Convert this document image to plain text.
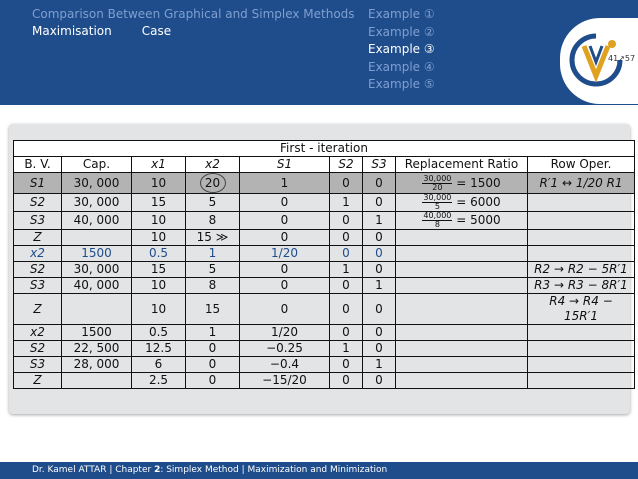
Comparison Between Graphical and Simplex Methods
Maximisation	Case
Example ①
Example ②
Example ③
Example ④
Example ⑤
41↗57
First - iteration								
B. V.	Cap.	x1	x2	S1	S2	S3	Replacement Ratio	Row Oper.
S1	30, 000	10	20	1	0	0	$\frac{30,000}{20} = 1500$	R′1 ↔ 1/20 R1
S2	30, 000	15	5	0	1	0	$\frac{30,000}{5} = 6000$	
S3	40, 000	10	8	0	0	1	$\frac{40,000}{8} = 5000$	
Z		10	15 ≫	0	0	0		
x2	1500	0.5	1	1/20	0	0		
S2	30, 000	15	5	0	1	0		R2 → R2 − 5R′1
S3	40, 000	10	8	0	0	1		R3 → R3 − 8R′1
Z		10	15	0	0	0		R4 → R4 − 15R′1
x2	1500	0.5	1	1/20	0	0		
S2	22, 500	12.5	0	−0.25	1	0		
S3	28, 000	6	0	−0.4	0	1		
Z		2.5	0	−15/20	0	0		
Dr. Kamel ATTAR | Chapter 2: Simplex Method | Maximization and Minimization
